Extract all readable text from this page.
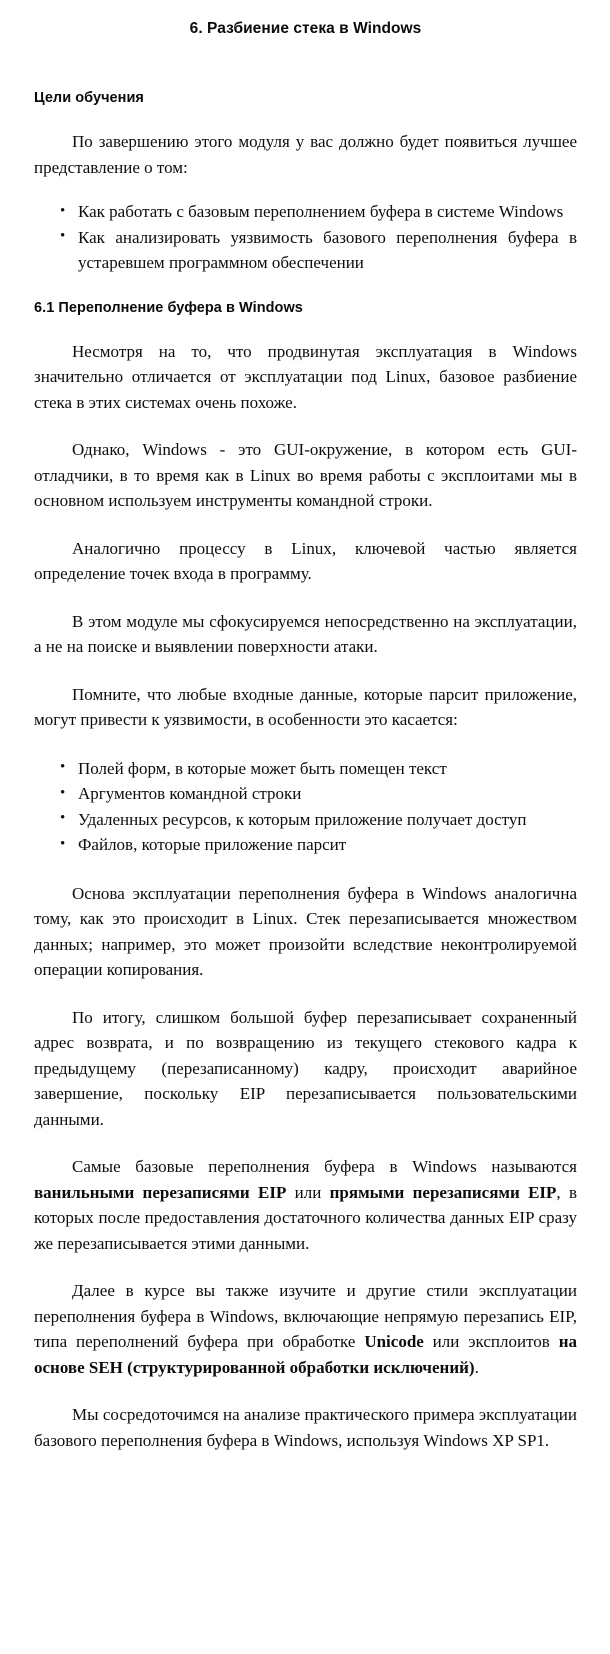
6. Разбиение стека в Windows
Цели обучения

По завершению этого модуля у вас должно будет появиться лучшее представление о том:

• Как работать с базовым переполнением буфера в системе Windows
• Как анализировать уязвимость базового переполнения буфера в устаревшем программном обеспечении
6.1 Переполнение буфера в Windows

Несмотря на то, что продвинутая эксплуатация в Windows значительно отличается от эксплуатации под Linux, базовое разбиение стека в этих системах очень похоже.

Однако, Windows - это GUI-окружение, в котором есть GUI-отладчики, в то время как в Linux во время работы с эксплоитами мы в основном используем инструменты командной строки.

Аналогично процессу в Linux, ключевой частью является определение точек входа в программу.

В этом модуле мы сфокусируемся непосредственно на эксплуатации, а не на поиске и выявлении поверхности атаки.

Помните, что любые входные данные, которые парсит приложение, могут привести к уязвимости, в особенности это касается:

• Полей форм, в которые может быть помещен текст
• Аргументов командной строки
• Удаленных ресурсов, к которым приложение получает доступ
• Файлов, которые приложение парсит

Основа эксплуатации переполнения буфера в Windows аналогична тому, как это происходит в Linux. Стек перезаписывается множеством данных; например, это может произойти вследствие неконтролируемой операции копирования.

По итогу, слишком большой буфер перезаписывает сохраненный адрес возврата, и по возвращению из текущего стекового кадра к предыдущему (перезаписанному) кадру, происходит аварийное завершение, поскольку EIP перезаписывается пользовательскими данными.

Самые базовые переполнения буфера в Windows называются ванильными перезаписями EIP или прямыми перезаписями EIP, в которых после предоставления достаточного количества данных EIP сразу же перезаписывается этими данными.

Далее в курсе вы также изучите и другие стили эксплуатации переполнения буфера в Windows, включающие непрямую перезапись EIP, типа переполнений буфера при обработке Unicode или эксплоитов на основе SEH (структурированной обработки исключений).

Мы сосредоточимся на анализе практического примера эксплуатации базового переполнения буфера в Windows, используя Windows XP SP1.
